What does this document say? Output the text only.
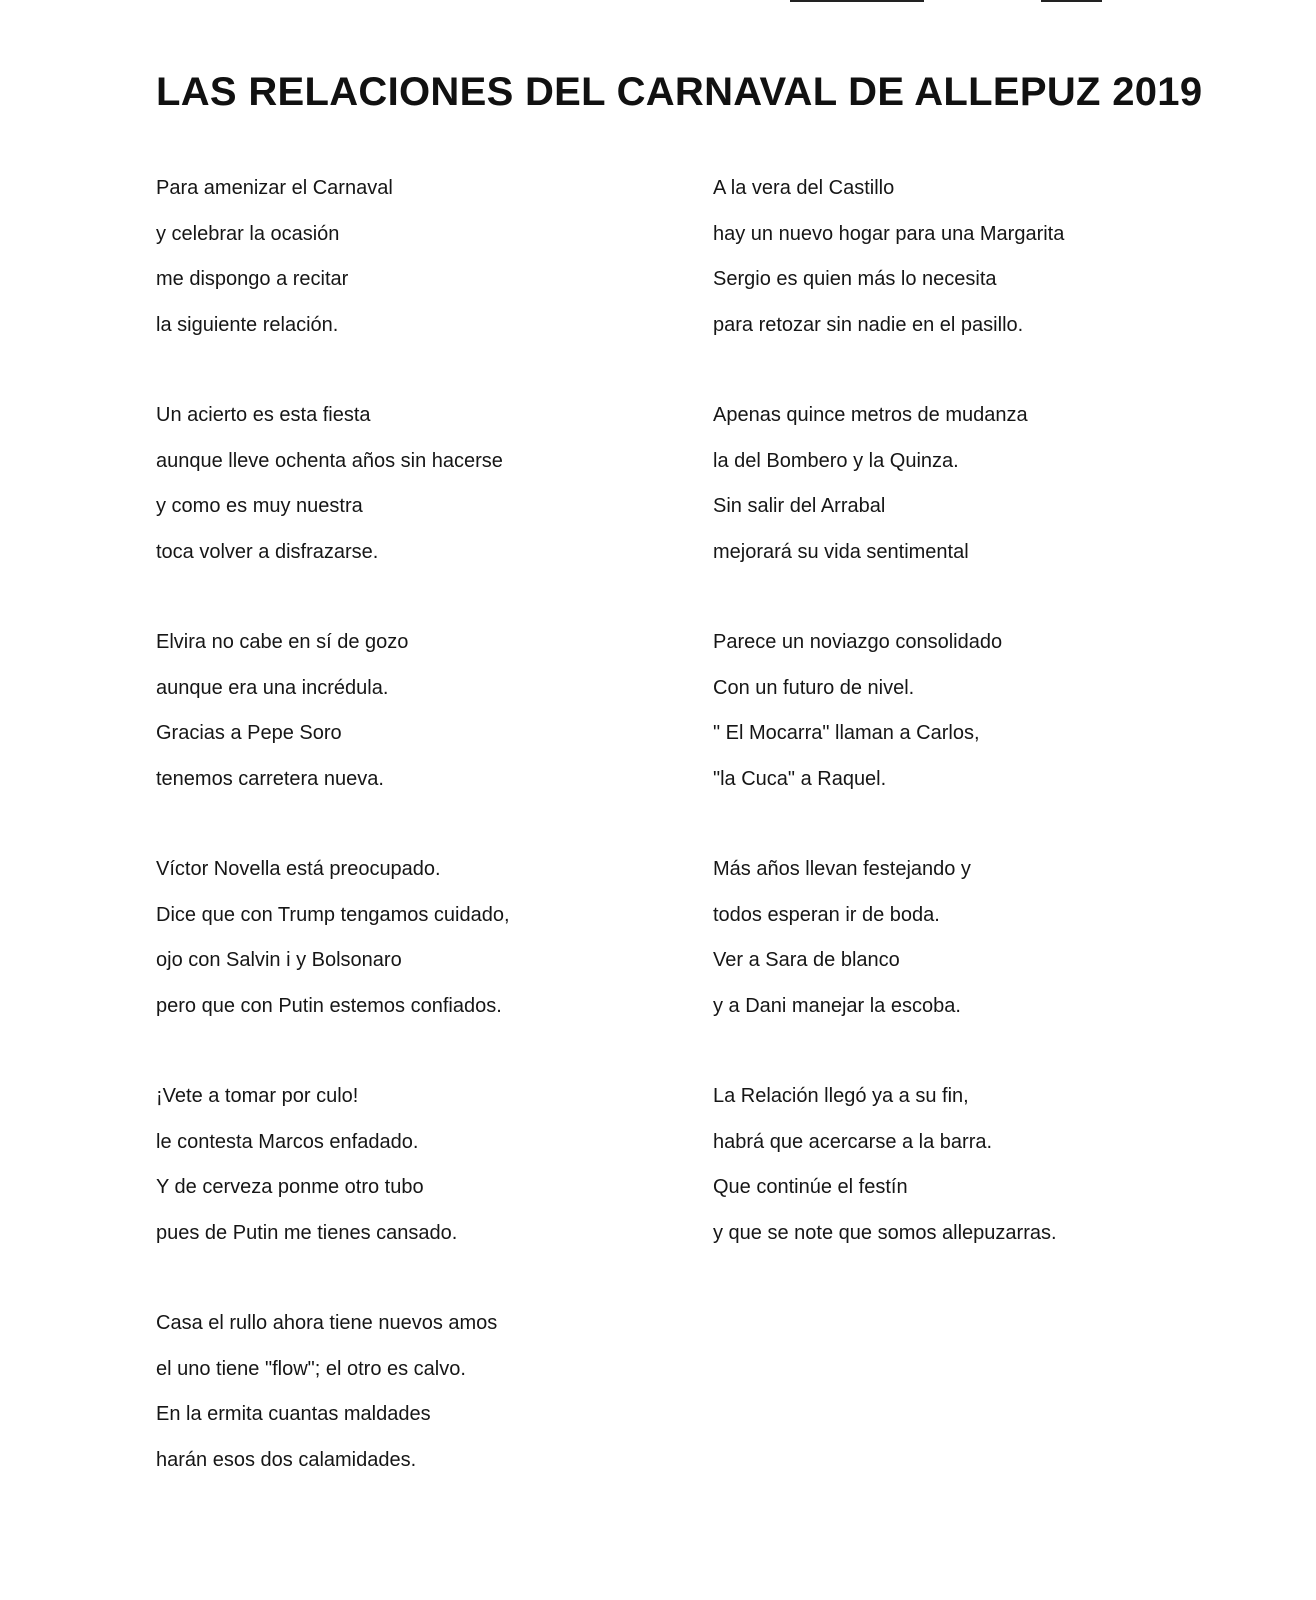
LAS RELACIONES DEL CARNAVAL DE ALLEPUZ 2019
Para amenizar el Carnaval
y celebrar la ocasión
me dispongo a recitar
la siguiente relación.
Un acierto es esta fiesta
aunque lleve ochenta años sin hacerse
y como es muy nuestra
toca volver a disfrazarse.
Elvira no cabe en sí de gozo
aunque era una incrédula.
Gracias a Pepe Soro
tenemos carretera nueva.
Víctor Novella está preocupado.
Dice que con Trump tengamos cuidado,
ojo con Salvin i y Bolsonaro
pero que con Putin estemos confiados.
¡Vete a tomar por culo!
le contesta Marcos enfadado.
Y de cerveza ponme otro tubo
pues de Putin me tienes cansado.
Casa el rullo ahora tiene nuevos amos
el uno tiene "flow"; el otro es calvo.
En la ermita cuantas maldades
harán esos dos calamidades.
A la vera del Castillo
hay un nuevo hogar para una Margarita
Sergio es quien más lo necesita
para retozar sin nadie en el pasillo.
Apenas quince metros de mudanza
la del Bombero y la Quinza.
Sin salir del Arrabal
mejorará su vida sentimental
Parece un noviazgo consolidado
Con un futuro de nivel.
" El Mocarra" llaman a Carlos,
"la Cuca" a Raquel.
Más años llevan festejando y
todos esperan ir de boda.
Ver a Sara de blanco
y a Dani manejar la escoba.
La Relación llegó ya a su fin,
habrá que acercarse a la barra.
Que continúe el festín
y que se note que somos allepuzarras.
